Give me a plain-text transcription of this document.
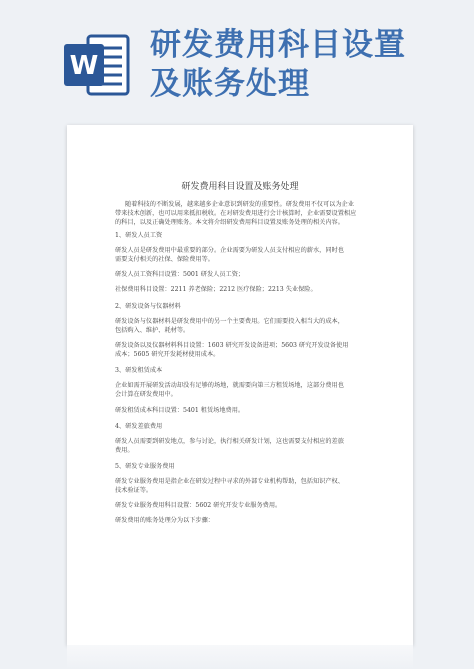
W
研发费用科目设置
及账务处理
研发费用科目设置及账务处理
随着科技的不断发展，越来越多企业意识到研发的重要性。研发费用不仅可以为企业
带来技术创新，也可以用来抵扣税收。在对研发费用进行会计核算时，企业需要设置相应
的科目，以及正确处理账务。本文将介绍研发费用科目设置及账务处理的相关内容。
1、研发人员工资
研发人员是研发费用中最重要的部分。企业需要为研发人员支付相应的薪水，同时也
需要支付相关的社保、保险费用等。
研发人员工资科目设置：5001 研发人员工资；
社保费用科目设置：2211 养老保险；2212 医疗保险；2213 失业保险。
2、研发设备与仪器材料
研发设备与仪器材料是研发费用中的另一个主要费用。它们需要投入相当大的成本，
包括购入、维护、耗材等。
研发设备以及仪器材料科目设置：1603 研究开发设备进项；5603 研究开发设备使用
成本；5605 研究开发耗材使用成本。
3、研发租赁成本
企业如需开展研发活动却没有足够的场地，就需要向第三方租赁场地，这部分费用也
会计算在研发费用中。
研发租赁成本科目设置：5401 租赁场地费用。
4、研发差旅费用
研发人员需要到研发地点，参与讨论，执行相关研发计划，这也需要支付相应的差旅
费用。
5、研发专业服务费用
研发专业服务费用是指企业在研发过程中寻求的外部专业机构帮助，包括知识产权、
技术验证等。
研发专业服务费用科目设置：5602 研究开发专业服务费用。
研发费用的账务处理分为以下步骤：
